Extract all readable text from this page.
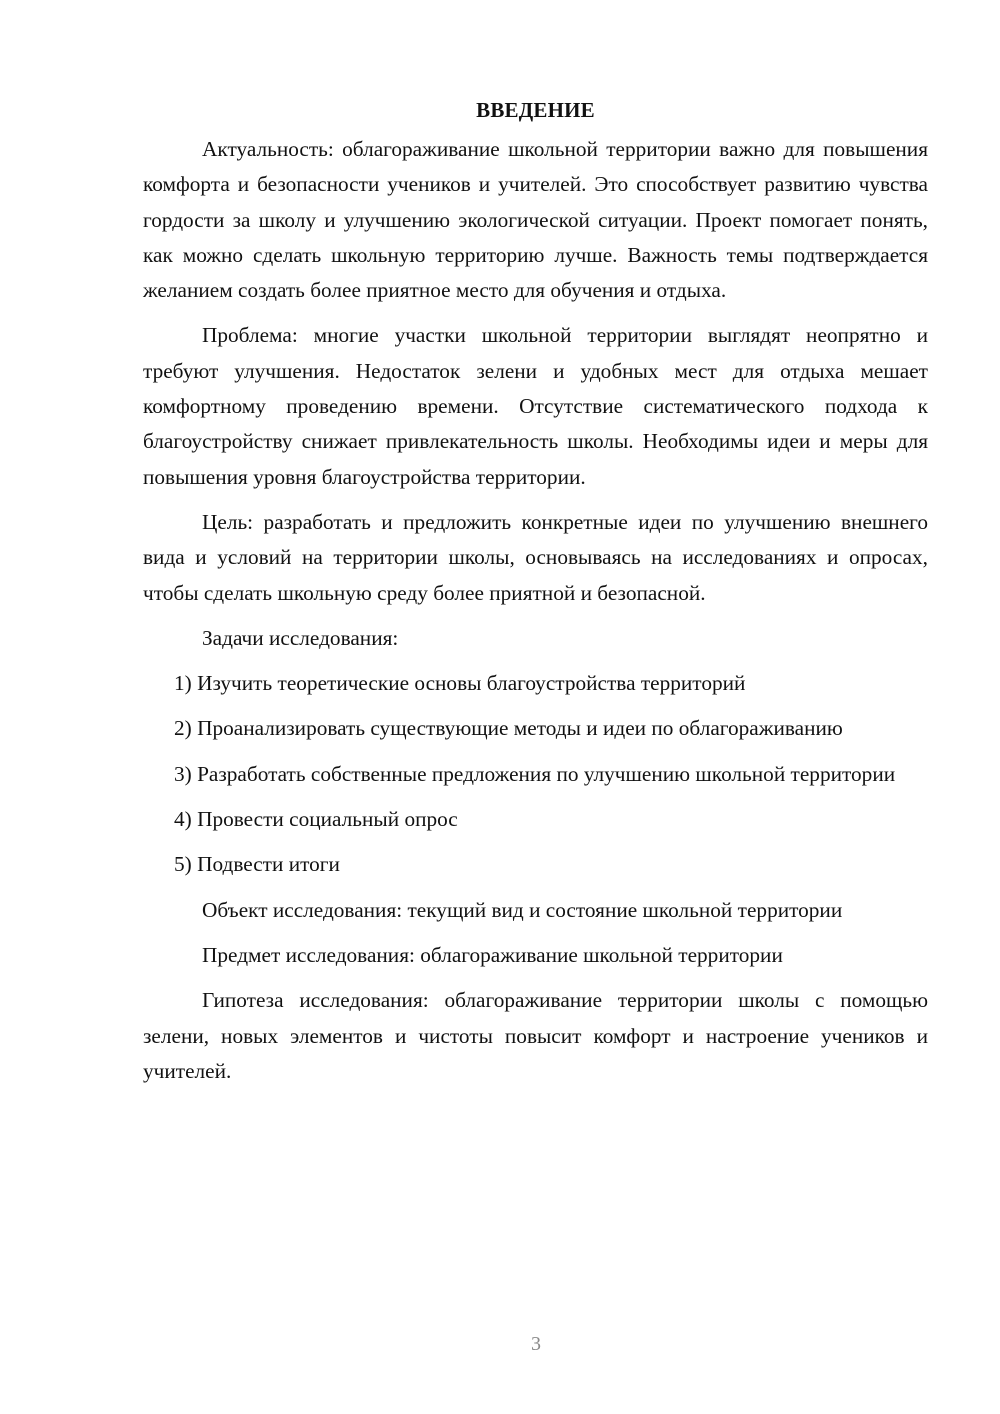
ВВЕДЕНИЕ

Актуальность: облагораживание школьной территории важно для повышения комфорта и безопасности учеников и учителей. Это способствует развитию чувства гордости за школу и улучшению экологической ситуации. Проект помогает понять, как можно сделать школьную территорию лучше. Важность темы подтверждается желанием создать более приятное место для обучения и отдыха.

Проблема: многие участки школьной территории выглядят неопрятно и требуют улучшения. Недостаток зелени и удобных мест для отдыха мешает комфортному проведению времени. Отсутствие систематического подхода к благоустройству снижает привлекательность школы. Необходимы идеи и меры для повышения уровня благоустройства территории.

Цель: разработать и предложить конкретные идеи по улучшению внешнего вида и условий на территории школы, основываясь на исследованиях и опросах, чтобы сделать школьную среду более приятной и безопасной.

Задачи исследования:

1) Изучить теоретические основы благоустройства территорий

2) Проанализировать существующие методы и идеи по облагораживанию

3) Разработать собственные предложения по улучшению школьной территории

4) Провести социальный опрос

5) Подвести итоги

Объект исследования: текущий вид и состояние школьной территории

Предмет исследования: облагораживание школьной территории

Гипотеза исследования: облагораживание территории школы с помощью зелени, новых элементов и чистоты повысит комфорт и настроение учеников и учителей.

3
